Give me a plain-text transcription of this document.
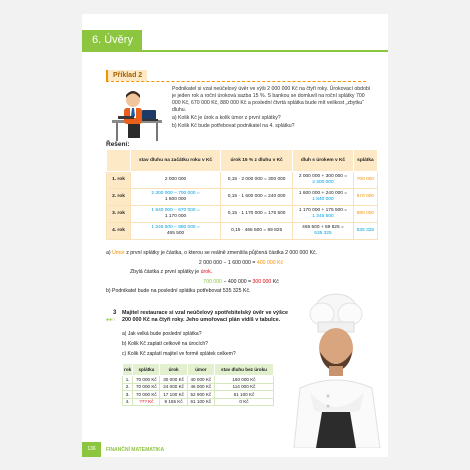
6. Úvěry
Příklad 2

Podnikatel si vzal neúčelový úvěr ve výši 2 000 000 Kč na čtyři roky. Úrokovací období je jeden rok a roční úroková sazba 15 %. S bankou se domluvil na roční splátky 700 000 Kč, 670 000 Kč, 880 000 Kč a poslední čtvrtá splátka bude mít velikost „zbytku“ dluhu.

a) Kolik Kč je úrok a kolik úmor z první splátky?

b) Kolik Kč bude potřebovat podnikatel na 4. splátku?

Řešení:
	stav dluhu na začátku roku v Kč	úrok 15 % z dluhu v Kč	dluh s úrokem v Kč	splátka
1. rok	2 000 000	0,15 · 2 000 000 = 300 000	2 000 000 + 300 000 =
2 300 000	700 000
2. rok	2 300 000 − 700 000 =
1 600 000	0,15 · 1 600 000 = 240 000	1 600 000 + 240 000 =
1 840 000	670 000
3. rok	1 840 000 − 670 000 =
1 170 000	0,15 · 1 170 000 = 175 500	1 170 000 + 175 500 =
1 345 500	880 000
4. rok	1 345 500 − 880 000 =
465 500	0,15 · 465 500 = 69 825	465 500 + 69 825 =
535 325	535 325
a) Úmor z první splátky je částka, o kterou se reálně zmenšila půjčená částka 2 000 000 Kč.
2 000 000 − 1 600 000 = 400 000 Kč
Zbylá částka z první splátky je úrok.
700 000 − 400 000 = 300 000 Kč
b) Podnikatel bude na poslední splátku potřebovat 535 325 Kč.
3 Majitel restaurace si vzal neúčelový spotřebitelský úvěr ve výšce 200 000 Kč na čtyři roky. Jeho umořovací plán vidíš v tabulce.
●●○
a) Jak velká bude poslední splátka?
b) Kolik Kč zaplatí celkově na úrocích?
c) Kolik Kč zaplatí majitel ve formě splátek celkem?
rok	splátka	úrok	úmor	stav dluhu bez úroku
1.	70 000 Kč	30 000 Kč	40 000 Kč	160 000 Kč
2.	70 000 Kč	24 000 Kč	46 000 Kč	114 000 Kč
3.	70 000 Kč	17 100 Kč	52 900 Kč	61 100 Kč
4.	??? Kč	9 165 Kč	61 100 Kč	0 Kč
136	FINANČNÍ MATEMATIKA
